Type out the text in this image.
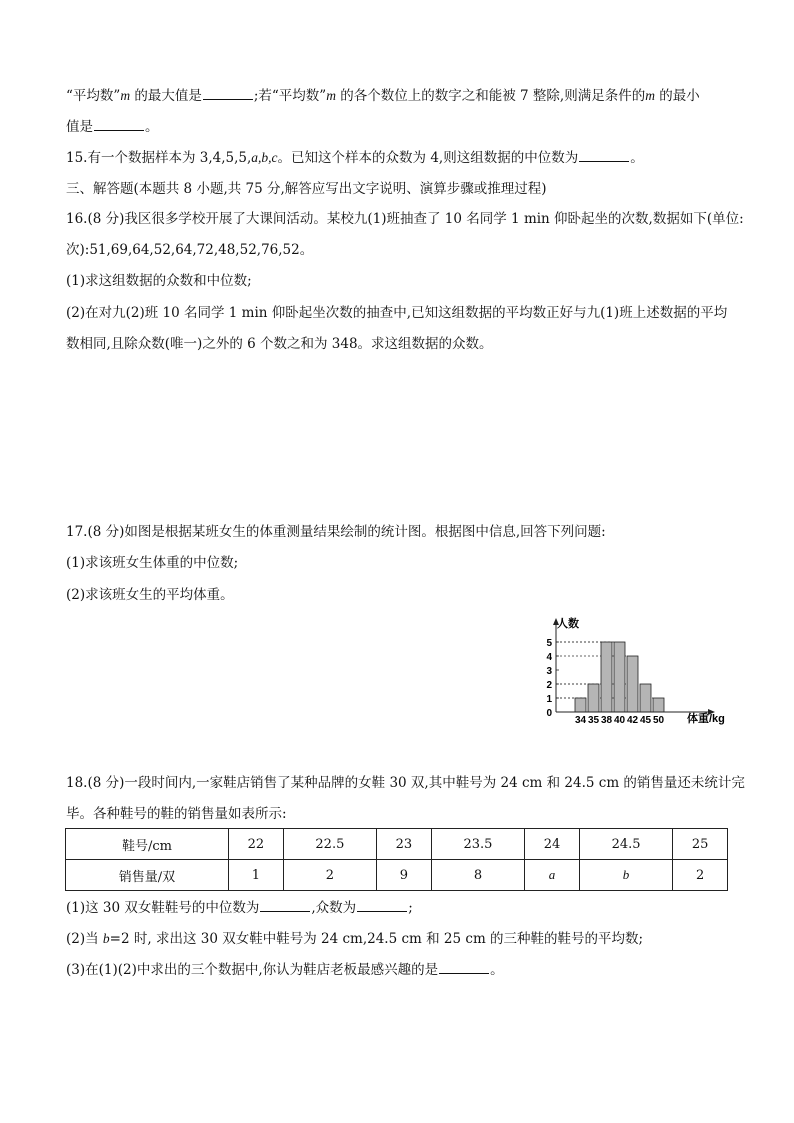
“平均数”m 的最大值是	;若“平均数”m 的各个数位上的数字之和能被 7 整除,则满足条件的m 的最小
值是	。
15.有一个数据样本为 3,4,5,5,a,b,c。已知这个样本的众数为 4,则这组数据的中位数为	。
三、解答题(本题共 8 小题,共 75 分,解答应写出文字说明、演算步骤或推理过程)
16.(8 分)我区很多学校开展了大课间活动。某校九(1)班抽查了 10 名同学 1 min 仰卧起坐的次数,数据如下(单位:
次):51,69,64,52,64,72,48,52,76,52。
(1)求这组数据的众数和中位数;
(2)在对九(2)班 10 名同学 1 min 仰卧起坐次数的抽查中,已知这组数据的平均数正好与九(1)班上述数据的平均
数相同,且除众数(唯一)之外的 6 个数之和为 348。求这组数据的众数。
17.(8 分)如图是根据某班女生的体重测量结果绘制的统计图。根据图中信息,回答下列问题:
(1)求该班女生体重的中位数;
(2)求该班女生的平均体重。
0
1
2
3
4
5
34 35 38 40 42 45 50
人数
体重/kg
18.(8 分)一段时间内,一家鞋店销售了某种品牌的女鞋 30 双,其中鞋号为 24 cm 和 24.5 cm 的销售量还未统计完
毕。各种鞋号的鞋的销售量如表所示:
鞋号/cm	22	22.5	23	23.5	24	24.5	25
销售量/双	1	2	9	8	a	b	2
(1)这 30 双女鞋鞋号的中位数为	,众数为	;
(2)当 b=2 时, 求出这 30 双女鞋中鞋号为 24 cm,24.5 cm 和 25 cm 的三种鞋的鞋号的平均数;
(3)在(1)(2)中求出的三个数据中,你认为鞋店老板最感兴趣的是	。
